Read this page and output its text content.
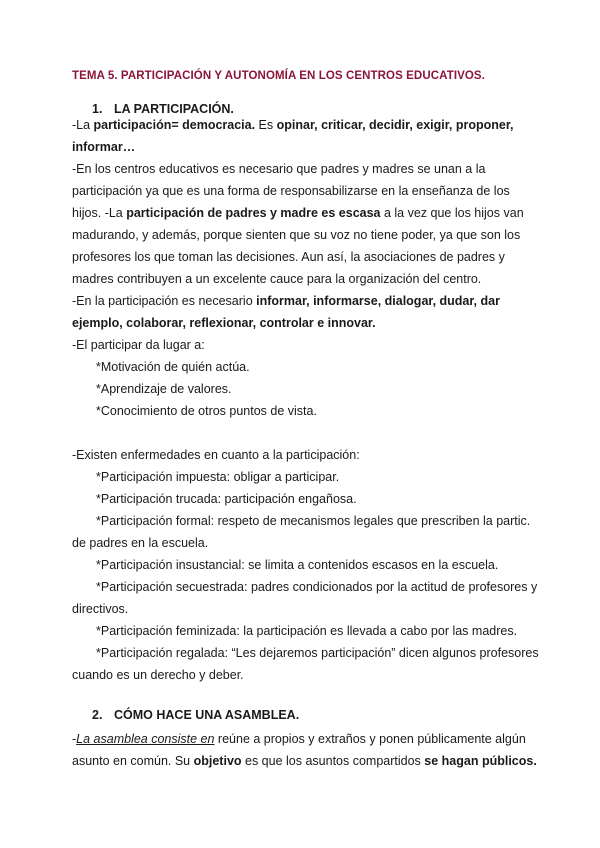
TEMA 5. PARTICIPACIÓN Y AUTONOMÍA EN LOS CENTROS EDUCATIVOS.
1. LA PARTICIPACIÓN.
-La participación= democracia. Es opinar, criticar, decidir, exigir, proponer,
informar…
-En los centros educativos es necesario que padres y madres se unan a la
participación ya que es una forma de responsabilizarse en la enseñanza de los
hijos. -La participación de padres y madre es escasa a la vez que los hijos van
madurando, y además, porque sienten que su voz no tiene poder, ya que son los
profesores los que toman las decisiones. Aun así, la asociaciones de padres y
madres contribuyen a un excelente cauce para la organización del centro.
-En la participación es necesario informar, informarse, dialogar, dudar, dar
ejemplo, colaborar, reflexionar, controlar e innovar.
-El participar da lugar a:
*Motivación de quién actúa.
*Aprendizaje de valores.
*Conocimiento de otros puntos de vista.
-Existen enfermedades en cuanto a la participación:
*Participación impuesta: obligar a participar.
*Participación trucada: participación engañosa.
*Participación formal: respeto de mecanismos legales que prescriben la partic.
de padres en la escuela.
*Participación insustancial: se limita a contenidos escasos en la escuela.
*Participación secuestrada: padres condicionados por la actitud de profesores y
directivos.
*Participación feminizada: la participación es llevada a cabo por las madres.
*Participación regalada: “Les dejaremos participación” dicen algunos profesores
cuando es un derecho y deber.
2. CÓMO HACE UNA ASAMBLEA.
-La asamblea consiste en reúne a propios y extraños y ponen públicamente algún
asunto en común. Su objetivo es que los asuntos compartidos se hagan públicos.
